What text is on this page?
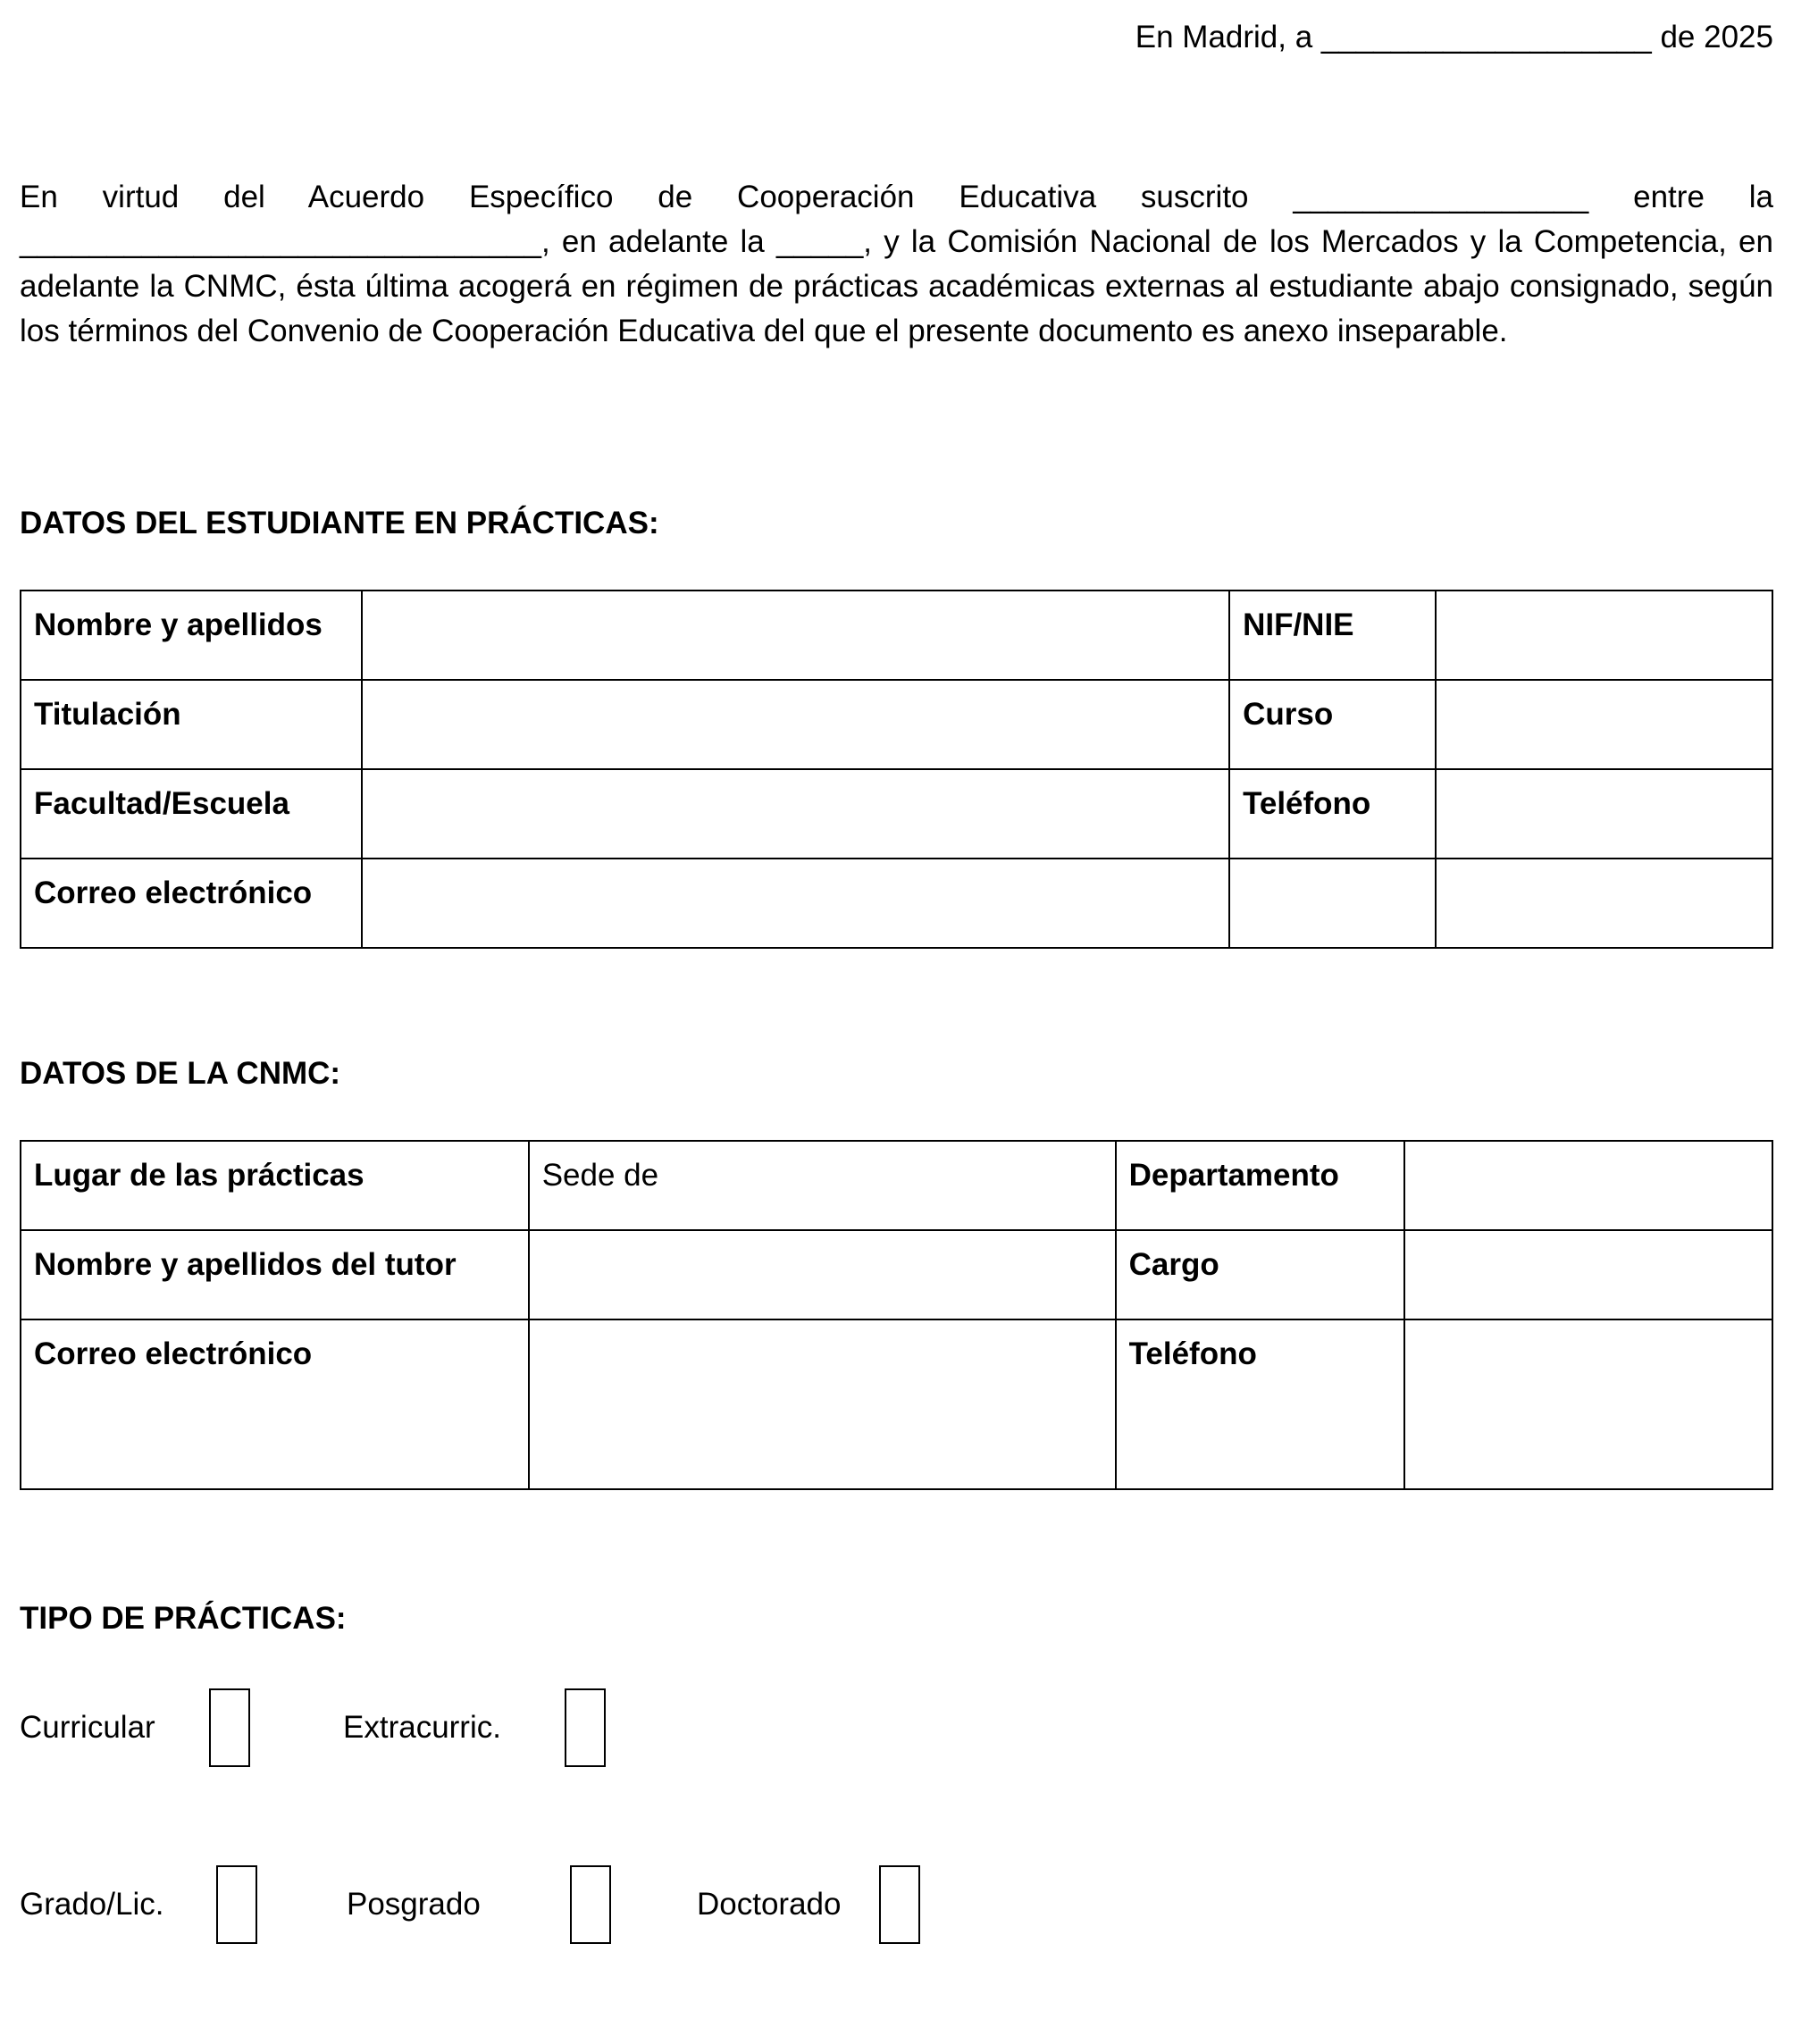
En Madrid, a ___________________ de 2025

En virtud del Acuerdo Específico de Cooperación Educativa suscrito _________________ entre la ______________________________, en adelante la _____, y la Comisión Nacional de los Mercados y la Competencia, en adelante la CNMC, ésta última acogerá en régimen de prácticas académicas externas al estudiante abajo consignado, según los términos del Convenio de Cooperación Educativa del que el presente documento es anexo inseparable.

DATOS DEL ESTUDIANTE EN PRÁCTICAS:
Nombre y apellidos		NIF/NIE	
Titulación		Curso	
Facultad/Escuela		Teléfono	
Correo electrónico			
DATOS DE LA CNMC:
Lugar de las prácticas	Sede de	Departamento	
Nombre y apellidos del tutor		Cargo	
Correo electrónico		Teléfono	
TIPO DE PRÁCTICAS:
Curricular	Extracurric.
Grado/Lic.	Posgrado	Doctorado
